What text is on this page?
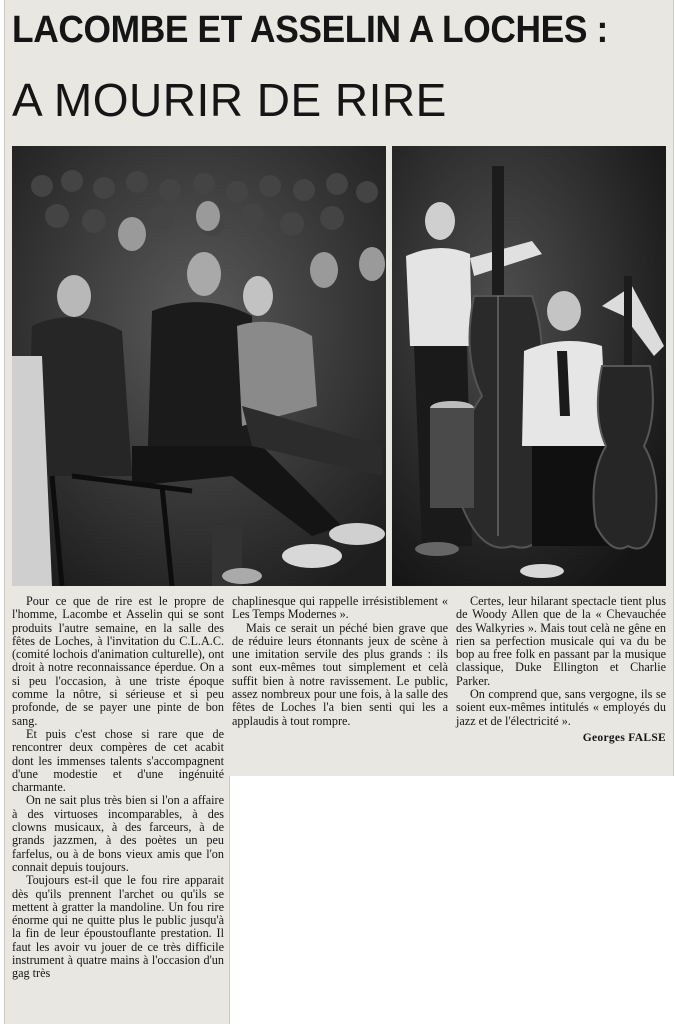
LACOMBE ET ASSELIN A LOCHES :
A MOURIR DE RIRE

Pour ce que de rire est le propre de l'homme, Lacombe et Asselin qui se sont produits l'autre semaine, en la salle des fêtes de Loches, à l'invitation du C.L.A.C. (comité lochois d'animation culturelle), ont droit à notre reconnaissance éperdue. On a si peu l'occasion, à une triste époque comme la nôtre, si sérieuse et si peu profonde, de se payer une pinte de bon sang.

Et puis c'est chose si rare que de rencontrer deux compères de cet acabit dont les immenses talents s'accompagnent d'une modestie et d'une ingénuité charmante.

On ne sait plus très bien si l'on a affaire à des virtuoses incomparables, à des clowns musicaux, à des farceurs, à de grands jazzmen, à des poètes un peu farfelus, ou à de bons vieux amis que l'on connait depuis toujours.

Toujours est-il que le fou rire apparait dès qu'ils prennent l'archet ou qu'ils se mettent à gratter la mandoline. Un fou rire énorme qui ne quitte plus le public jusqu'à la fin de leur époustouflante prestation. Il faut les avoir vu jouer de ce très difficile instrument à quatre mains à l'occasion d'un gag très

chaplinesque qui rappelle irrésistiblement « Les Temps Modernes ».

Mais ce serait un péché bien grave que de réduire leurs étonnants jeux de scène à une imitation servile des plus grands : ils sont eux-mêmes tout simplement et celà suffit bien à notre ravissement. Le public, assez nombreux pour une fois, à la salle des fêtes de Loches l'a bien senti qui les a applaudis à tout rompre.

Certes, leur hilarant spectacle tient plus de Woody Allen que de la « Chevauchée des Walkyries ». Mais tout celà ne gêne en rien sa perfection musicale qui va du be bop au free folk en passant par la musique classique, Duke Ellington et Charlie Parker.

On comprend que, sans vergogne, ils se soient eux-mêmes intitulés « employés du jazz et de l'électricité ».

Georges FALSE
